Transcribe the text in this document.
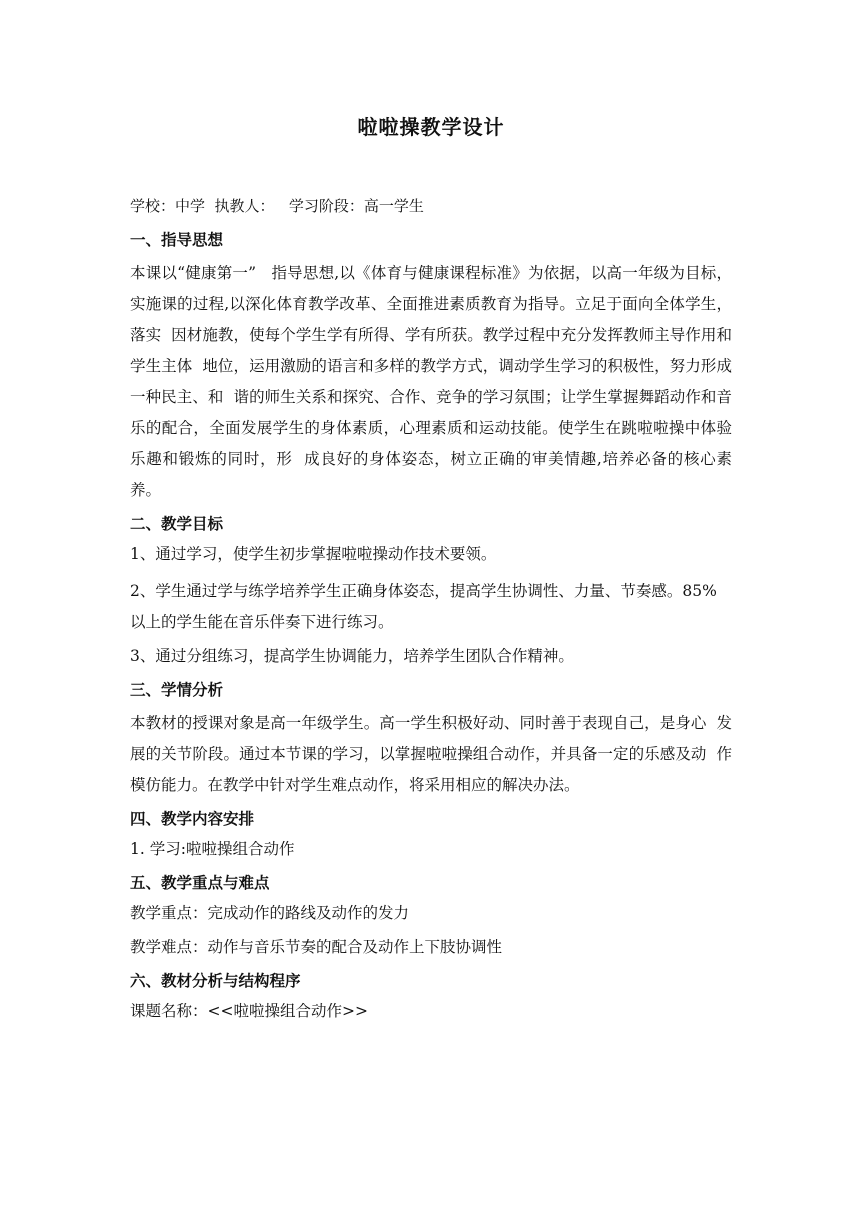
啦啦操教学设计
学校：中学  执教人：   学习阶段：高一学生
一、指导思想
本课以“健康第一”   指导思想,以《体育与健康课程标准》为依据，以高一年级为目标，   实施课的过程,以深化体育教学改革、全面推进素质教育为指导。立足于面向全体学生，落实  因材施教，使每个学生学有所得、学有所获。教学过程中充分发挥教师主导作用和学生主体  地位，运用激励的语言和多样的教学方式，调动学生学习的积极性，努力形成一种民主、和  谐的师生关系和探究、合作、竞争的学习氛围；让学生掌握舞蹈动作和音乐的配合，全面发展学生的身体素质，心理素质和运动技能。使学生在跳啦啦操中体验乐趣和锻炼的同时，形  成良好的身体姿态，树立正确的审美情趣,培养必备的核心素养。
二、教学目标
1、通过学习，使学生初步掌握啦啦操动作技术要领。
2、学生通过学与练学培养学生正确身体姿态，提高学生协调性、力量、节奏感。85%以上的学生能在音乐伴奏下进行练习。
3、通过分组练习，提高学生协调能力，培养学生团队合作精神。
三、学情分析
本教材的授课对象是高一年级学生。高一学生积极好动、同时善于表现自己，是身心  发展的关节阶段。通过本节课的学习，以掌握啦啦操组合动作，并具备一定的乐感及动  作模仿能力。在教学中针对学生难点动作，将采用相应的解决办法。
四、教学内容安排
1. 学习:啦啦操组合动作
五、教学重点与难点
教学重点：完成动作的路线及动作的发力
教学难点：动作与音乐节奏的配合及动作上下肢协调性
六、教材分析与结构程序
课题名称：<<啦啦操组合动作>>
